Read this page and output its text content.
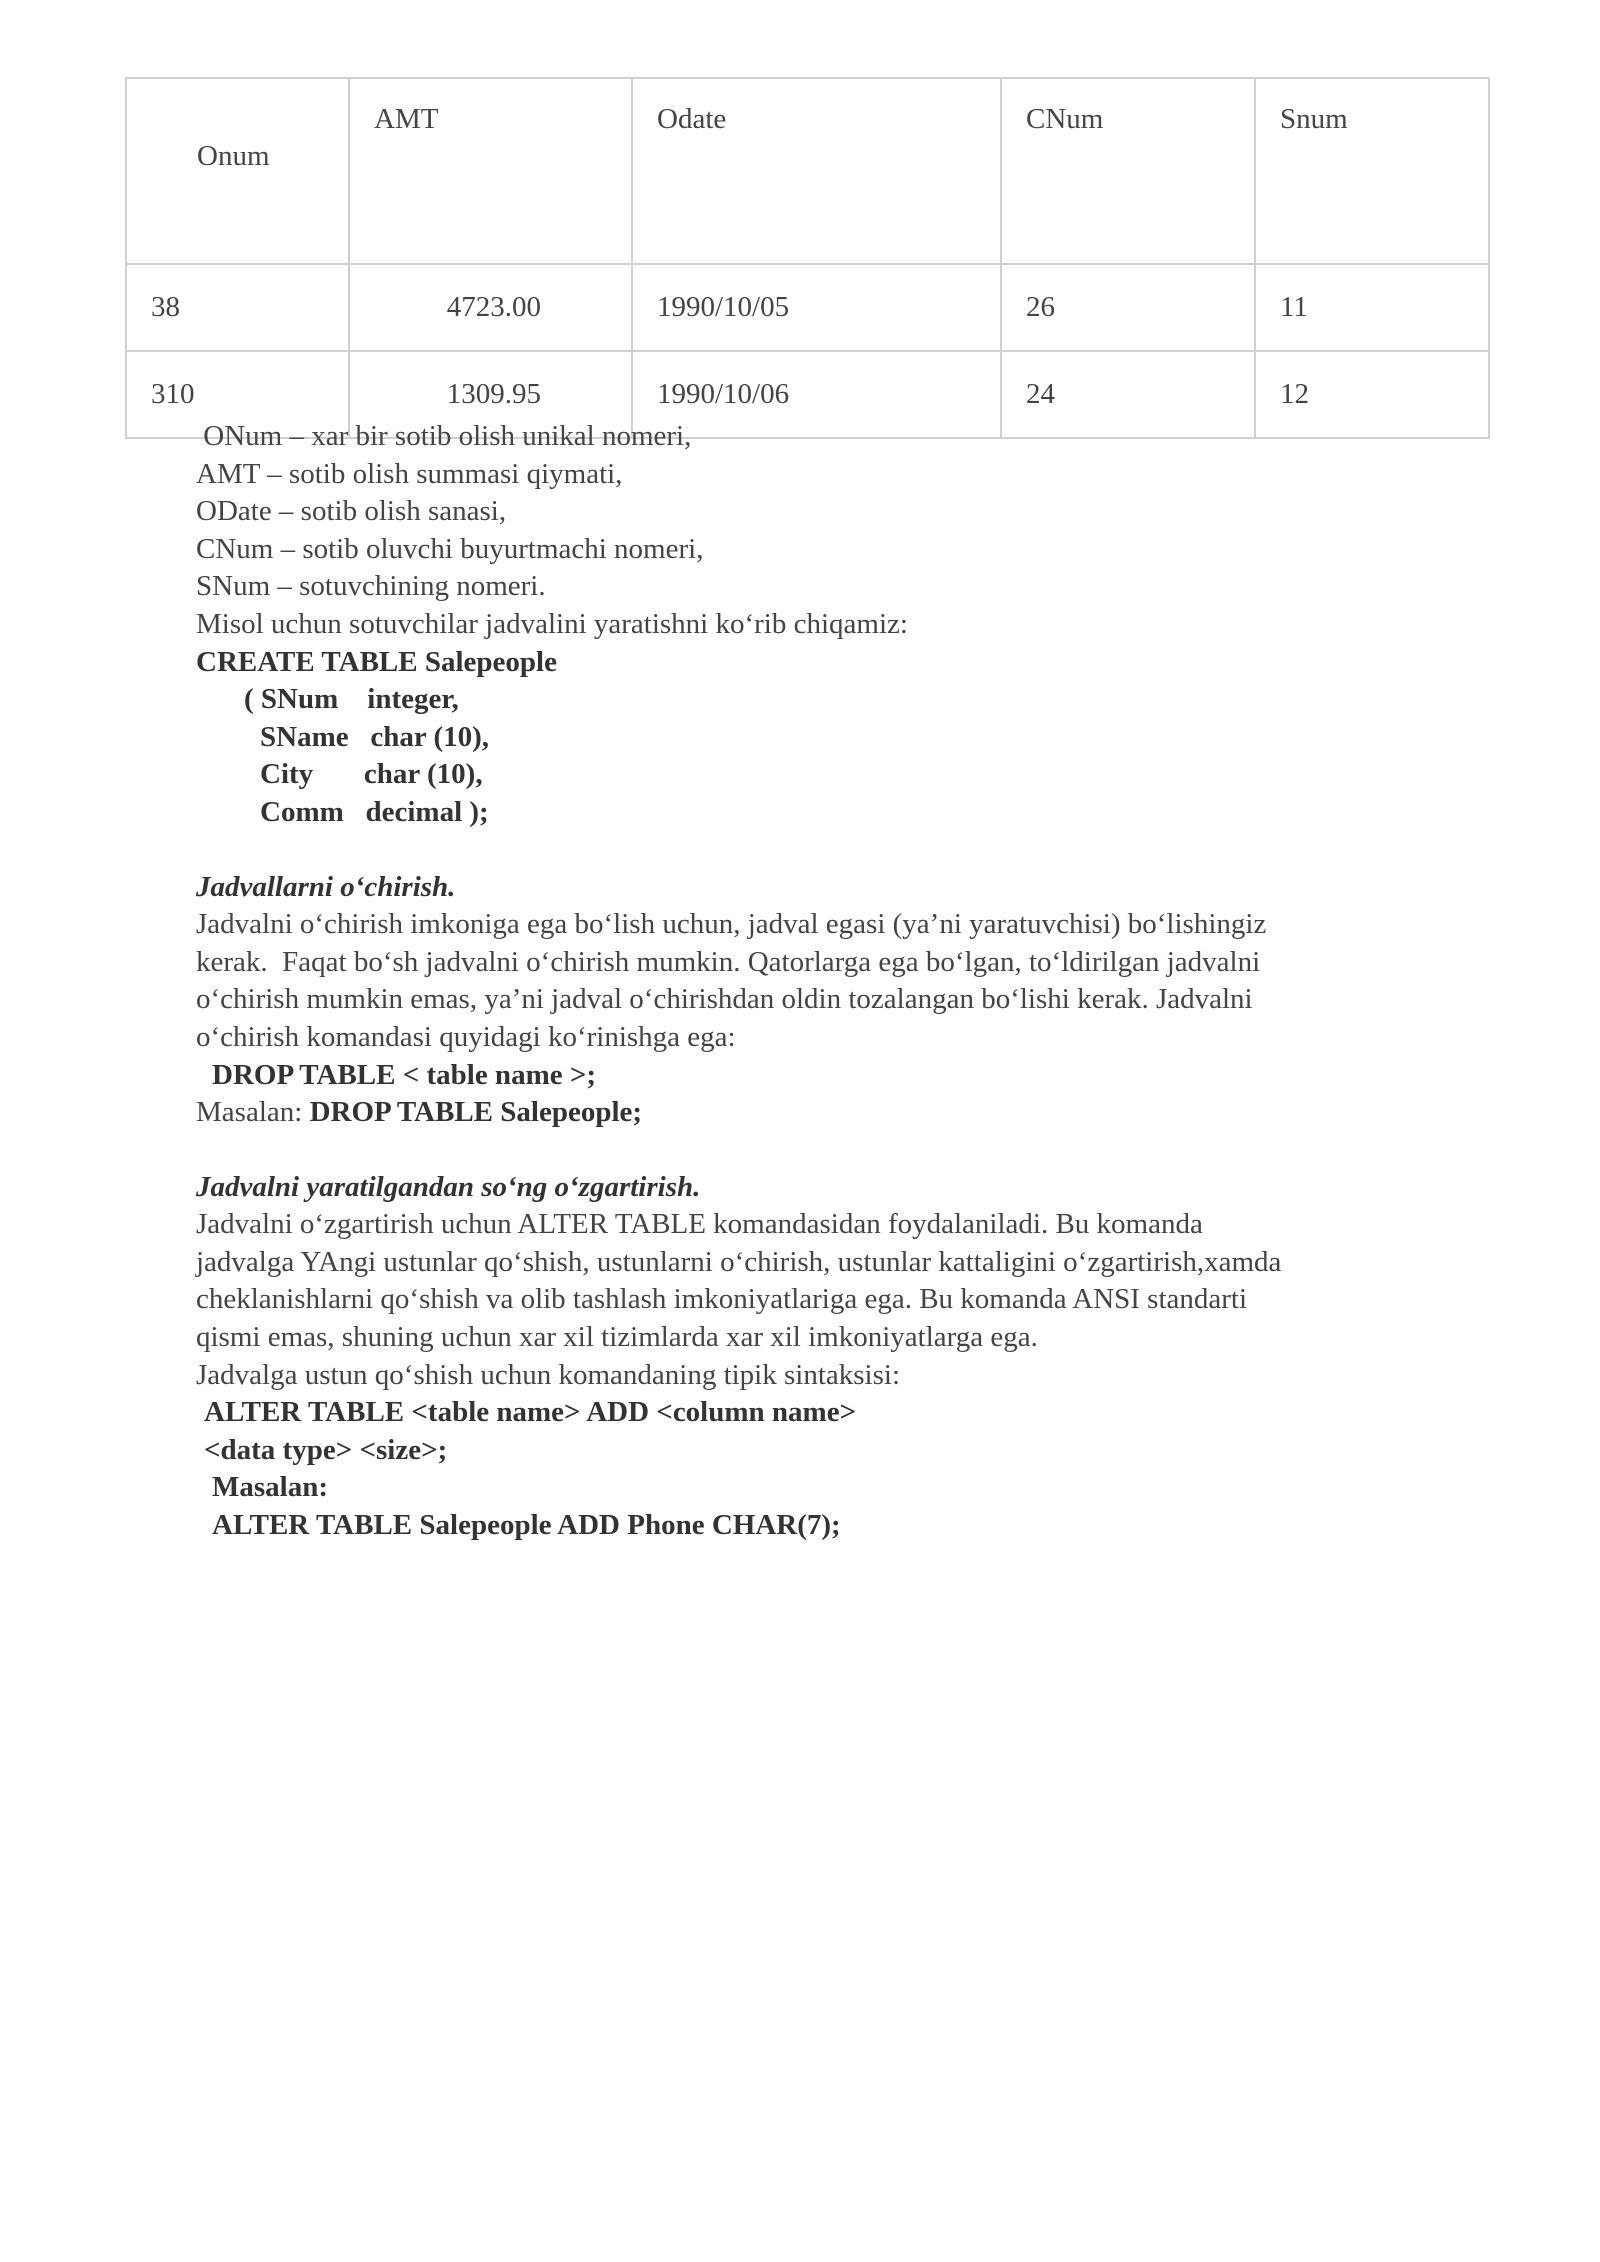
Onum	AMT	Odate	CNum	Snum
38	4723.00	1990/10/05	26	11
310	1309.95	1990/10/06	24	12

ONum – xar bir sotib olish unikal nomeri,

AMT – sotib olish summasi qiymati,

ODate – sotib olish sanasi,

CNum – sotib oluvchi buyurtmachi nomeri,

SNum – sotuvchining nomeri.

Misol uchun sotuvchilar jadvalini yaratishni ko‘rib chiqamiz:

CREATE TABLE Salepeople

( SNum    integer,

SName   char (10),

City       char (10),

Comm   decimal );

Jadvallarni o‘chirish.

Jadvalni o‘chirish imkoniga ega bo‘lish uchun, jadval egasi (ya’ni yaratuvchisi) bo‘lishingiz

kerak.  Faqat bo‘sh jadvalni o‘chirish mumkin. Qatorlarga ega bo‘lgan, to‘ldirilgan jadvalni

o‘chirish mumkin emas, ya’ni jadval o‘chirishdan oldin tozalangan bo‘lishi kerak. Jadvalni

o‘chirish komandasi quyidagi ko‘rinishga ega:

DROP TABLE < table name >;

Masalan: DROP TABLE Salepeople;

Jadvalni yaratilgandan so‘ng o‘zgartirish.

Jadvalni o‘zgartirish uchun ALTER TABLE komandasidan foydalaniladi. Bu komanda

jadvalga YAngi ustunlar qo‘shish, ustunlarni o‘chirish, ustunlar kattaligini o‘zgartirish,xamda

cheklanishlarni qo‘shish va olib tashlash imkoniyatlariga ega. Bu komanda ANSI standarti

qismi emas, shuning uchun xar xil tizimlarda xar xil imkoniyatlarga ega.

Jadvalga ustun qo‘shish uchun komandaning tipik sintaksisi:

ALTER TABLE <table name> ADD <column name>

<data type> <size>;

Masalan:

ALTER TABLE Salepeople ADD Phone CHAR(7);
